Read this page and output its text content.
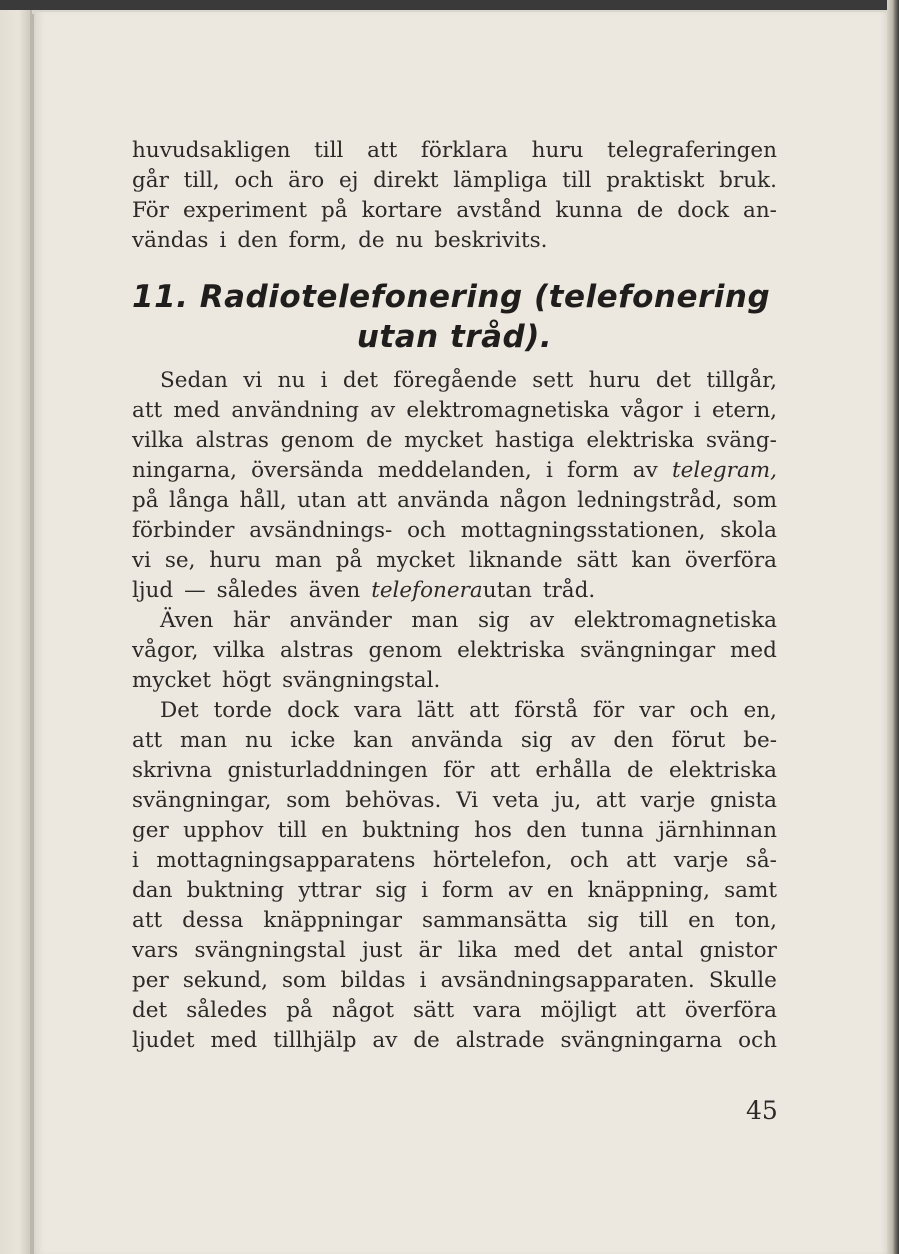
huvudsakligen till att förklara huru telegraferingen
går till, och äro ej direkt lämpliga till praktiskt bruk.
För experiment på kortare avstånd kunna de dock an-
vändas i den form, de nu beskrivits.
11. Radiotelefonering (telefonering
utan tråd).
Sedan vi nu i det föregående sett huru det tillgår,
att med användning av elektromagnetiska vågor i etern,
vilka alstras genom de mycket hastiga elektriska sväng-
ningarna, översända meddelanden, i form av telegram,
på långa håll, utan att använda någon ledningstråd, som
förbinder avsändnings- och mottagningsstationen, skola
vi se, huru man på mycket liknande sätt kan överföra
ljud — således även telefonera utan tråd.
Även här använder man sig av elektromagnetiska
vågor, vilka alstras genom elektriska svängningar med
mycket högt svängningstal.
Det torde dock vara lätt att förstå för var och en,
att man nu icke kan använda sig av den förut be-
skrivna gnisturladdningen för att erhålla de elektriska
svängningar, som behövas. Vi veta ju, att varje gnista
ger upphov till en buktning hos den tunna järnhinnan
i mottagningsapparatens hörtelefon, och att varje så-
dan buktning yttrar sig i form av en knäppning, samt
att dessa knäppningar sammansätta sig till en ton,
vars svängningstal just är lika med det antal gnistor
per sekund, som bildas i avsändningsapparaten. Skulle
det således på något sätt vara möjligt att överföra
ljudet med tillhjälp av de alstrade svängningarna och
45
